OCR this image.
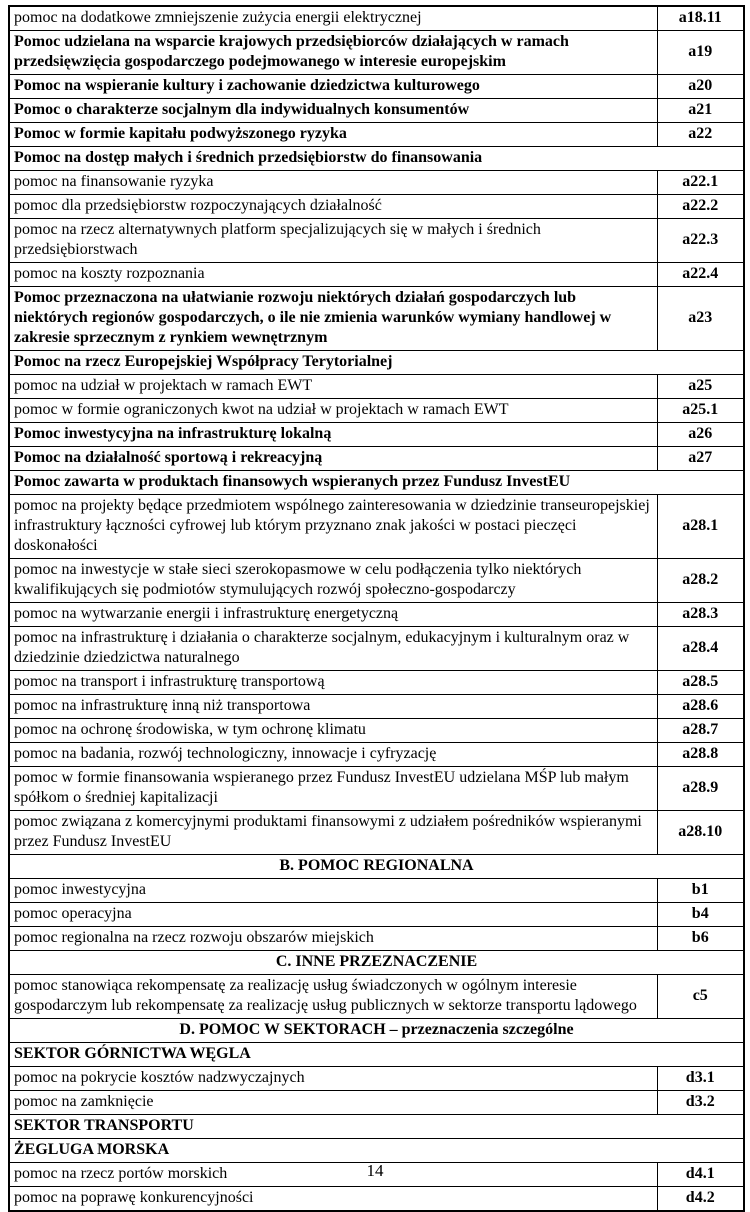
pomoc na dodatkowe zmniejszenie zużycia energii elektrycznej	a18.11
Pomoc udzielana na wsparcie krajowych przedsiębiorców działających w ramach przedsięwzięcia gospodarczego podejmowanego w interesie europejskim	a19
Pomoc na wspieranie kultury i zachowanie dziedzictwa kulturowego	a20
Pomoc o charakterze socjalnym dla indywidualnych konsumentów	a21
Pomoc w formie kapitału podwyższonego ryzyka	a22
Pomoc na dostęp małych i średnich przedsiębiorstw do finansowania	
pomoc na finansowanie ryzyka	a22.1
pomoc dla przedsiębiorstw rozpoczynających działalność	a22.2
pomoc na rzecz alternatywnych platform specjalizujących się w małych i średnich przedsiębiorstwach	a22.3
pomoc na koszty rozpoznania	a22.4
Pomoc przeznaczona na ułatwianie rozwoju niektórych działań gospodarczych lub niektórych regionów gospodarczych, o ile nie zmienia warunków wymiany handlowej w zakresie sprzecznym z rynkiem wewnętrznym	a23
Pomoc na rzecz Europejskiej Współpracy Terytorialnej	
pomoc na udział w projektach w ramach EWT	a25
pomoc w formie ograniczonych kwot na udział w projektach w ramach EWT	a25.1
Pomoc inwestycyjna na infrastrukturę lokalną	a26
Pomoc na działalność sportową i rekreacyjną	a27
Pomoc zawarta w produktach finansowych wspieranych przez Fundusz InvestEU	
pomoc na projekty będące przedmiotem wspólnego zainteresowania w dziedzinie transeuropejskiej infrastruktury łączności cyfrowej lub którym przyznano znak jakości w postaci pieczęci doskonałości	a28.1
pomoc na inwestycje w stałe sieci szerokopasmowe w celu podłączenia tylko niektórych kwalifikujących się podmiotów stymulujących rozwój społeczno-gospodarczy	a28.2
pomoc na wytwarzanie energii i infrastrukturę energetyczną	a28.3
pomoc na infrastrukturę i działania o charakterze socjalnym, edukacyjnym i kulturalnym oraz w dziedzinie dziedzictwa naturalnego	a28.4
pomoc na transport i infrastrukturę transportową	a28.5
pomoc na infrastrukturę inną niż transportowa	a28.6
pomoc na ochronę środowiska, w tym ochronę klimatu	a28.7
pomoc na badania, rozwój technologiczny, innowacje i cyfryzację	a28.8
pomoc w formie finansowania wspieranego przez Fundusz InvestEU udzielana MŚP lub małym spółkom o średniej kapitalizacji	a28.9
pomoc związana z komercyjnymi produktami finansowymi z udziałem pośredników wspieranymi przez Fundusz InvestEU	a28.10
B. POMOC REGIONALNA	
pomoc inwestycyjna	b1
pomoc operacyjna	b4
pomoc regionalna na rzecz rozwoju obszarów miejskich	b6
C. INNE PRZEZNACZENIE	
pomoc stanowiąca rekompensatę za realizację usług świadczonych w ogólnym interesie gospodarczym lub rekompensatę za realizację usług publicznych w sektorze transportu lądowego	c5
D. POMOC W SEKTORACH – przeznaczenia szczególne	
SEKTOR GÓRNICTWA WĘGLA	
pomoc na pokrycie kosztów nadzwyczajnych	d3.1
pomoc na zamknięcie	d3.2
SEKTOR TRANSPORTU	
ŻEGLUGA MORSKA	
pomoc na rzecz portów morskich	d4.1
pomoc na poprawę konkurencyjności	d4.2
14
